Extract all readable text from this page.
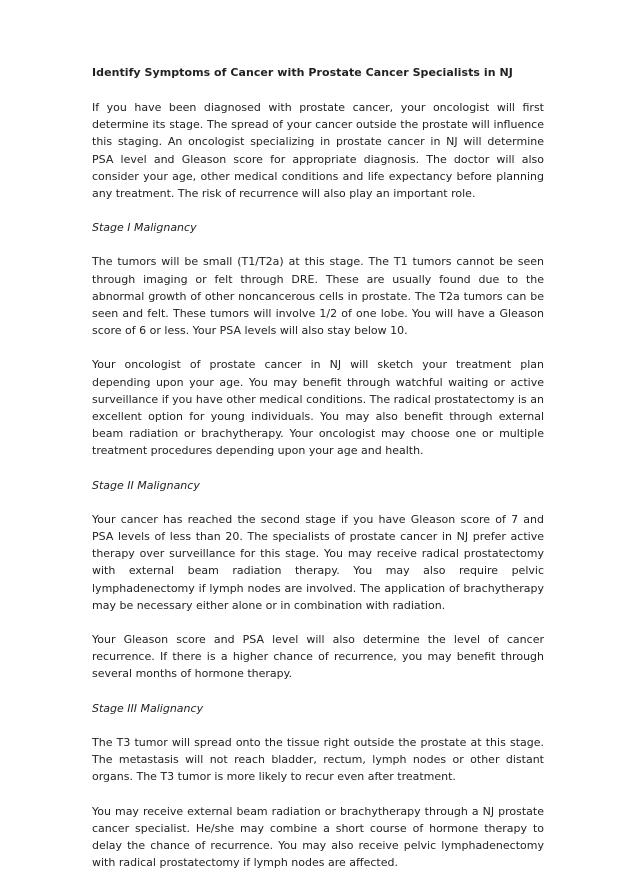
Identify Symptoms of Cancer with Prostate Cancer Specialists in NJ

If you have been diagnosed with prostate cancer, your oncologist will first determine its stage. The spread of your cancer outside the prostate will influence this staging. An oncologist specializing in prostate cancer in NJ will determine PSA level and Gleason score for appropriate diagnosis. The doctor will also consider your age, other medical conditions and life expectancy before planning any treatment. The risk of recurrence will also play an important role.

Stage I Malignancy

The tumors will be small (T1/T2a) at this stage. The T1 tumors cannot be seen through imaging or felt through DRE. These are usually found due to the abnormal growth of other noncancerous cells in prostate. The T2a tumors can be seen and felt. These tumors will involve 1/2 of one lobe. You will have a Gleason score of 6 or less. Your PSA levels will also stay below 10.

Your oncologist of prostate cancer in NJ will sketch your treatment plan depending upon your age. You may benefit through watchful waiting or active surveillance if you have other medical conditions. The radical prostatectomy is an excellent option for young individuals. You may also benefit through external beam radiation or brachytherapy. Your oncologist may choose one or multiple treatment procedures depending upon your age and health.

Stage II Malignancy

Your cancer has reached the second stage if you have Gleason score of 7 and PSA levels of less than 20. The specialists of prostate cancer in NJ prefer active therapy over surveillance for this stage. You may receive radical prostatectomy with external beam radiation therapy. You may also require pelvic lymphadenectomy if lymph nodes are involved. The application of brachytherapy may be necessary either alone or in combination with radiation.

Your Gleason score and PSA level will also determine the level of cancer recurrence. If there is a higher chance of recurrence, you may benefit through several months of hormone therapy.

Stage III Malignancy

The T3 tumor will spread onto the tissue right outside the prostate at this stage. The metastasis will not reach bladder, rectum, lymph nodes or other distant organs. The T3 tumor is more likely to recur even after treatment.

You may receive external beam radiation or brachytherapy through a NJ prostate cancer specialist. He/she may combine a short course of hormone therapy to delay the chance of recurrence. You may also receive pelvic lymphadenectomy with radical prostatectomy if lymph nodes are affected.
